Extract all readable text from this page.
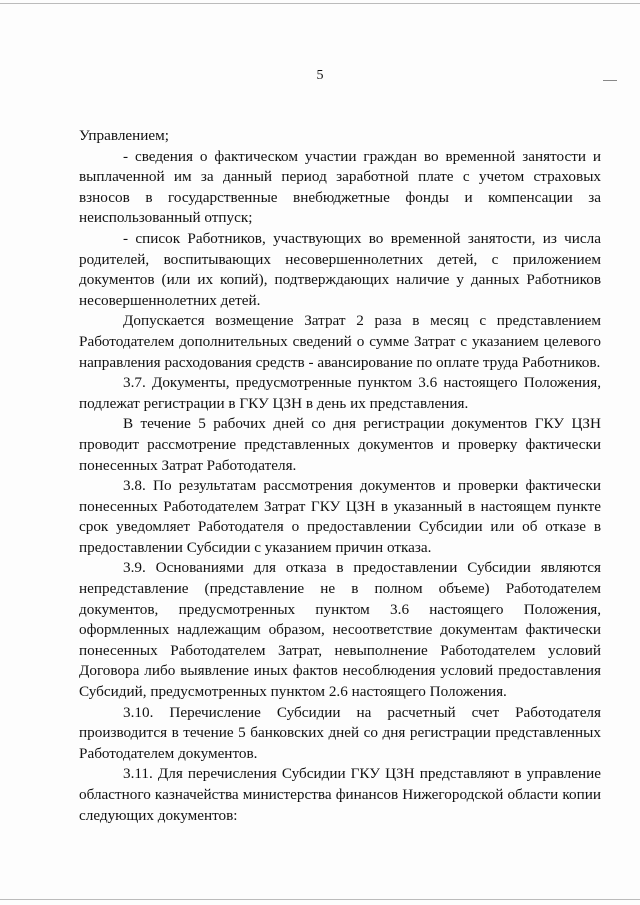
5

Управлением;

- сведения о фактическом участии граждан во временной занятости и выплаченной им за данный период заработной плате с учетом страховых взносов в государственные внебюджетные фонды и компенсации за неиспользованный отпуск;

- список Работников, участвующих во временной занятости, из числа родителей, воспитывающих несовершеннолетних детей, с приложением документов (или их копий), подтверждающих наличие у данных Работников несовершеннолетних детей.

Допускается возмещение Затрат 2 раза в месяц с представлением Работодателем дополнительных сведений о сумме Затрат с указанием целевого направления расходования средств - авансирование по оплате труда Работников.

3.7. Документы, предусмотренные пунктом 3.6 настоящего Положения, подлежат регистрации в ГКУ ЦЗН в день их представления.

В течение 5 рабочих дней со дня регистрации документов ГКУ ЦЗН проводит рассмотрение представленных документов и проверку фактически понесенных Затрат Работодателя.

3.8. По результатам рассмотрения документов и проверки фактически понесенных Работодателем Затрат ГКУ ЦЗН в указанный в настоящем пункте срок уведомляет Работодателя о предоставлении Субсидии или об отказе в предоставлении Субсидии с указанием причин отказа.

3.9. Основаниями для отказа в предоставлении Субсидии являются непредставление (представление не в полном объеме) Работодателем документов, предусмотренных пунктом 3.6 настоящего Положения, оформленных надлежащим образом, несоответствие документам фактически понесенных Работодателем Затрат, невыполнение Работодателем условий Договора либо выявление иных фактов несоблюдения условий предоставления Субсидий, предусмотренных пунктом 2.6 настоящего Положения.

3.10. Перечисление Субсидии на расчетный счет Работодателя производится в течение 5 банковских дней со дня регистрации представленных Работодателем документов.

3.11. Для перечисления Субсидии ГКУ ЦЗН представляют в управление областного казначейства министерства финансов Нижегородской области копии следующих документов:
